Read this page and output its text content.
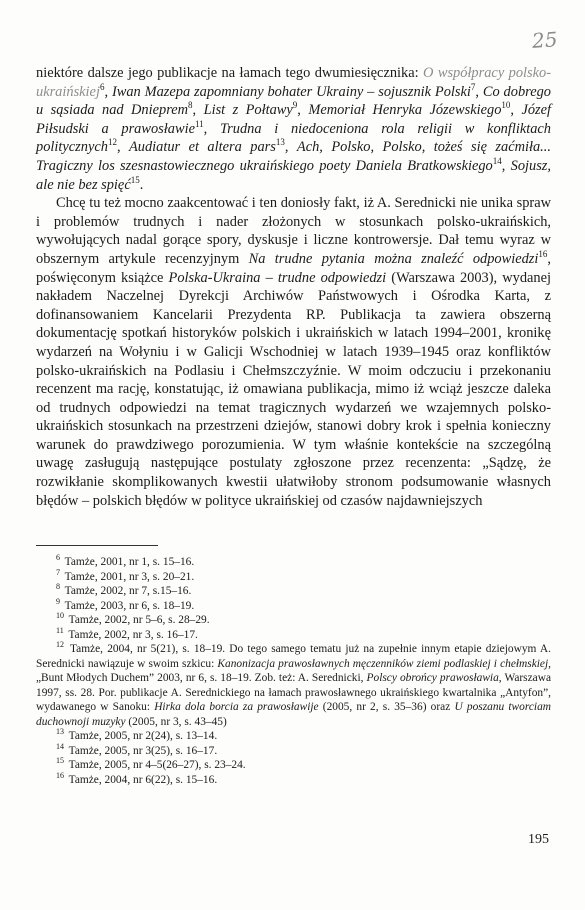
25

niektóre dalsze jego publikacje na łamach tego dwumiesięcznika: O współpracy polsko-ukraińskiej$^6$, Iwan Mazepa zapomniany bohater Ukrainy – sojusznik Polski$^7$, Co dobrego u sąsiada nad Dnieprem$^8$, List z Połtawy$^9$, Memoriał Henryka Józewskiego$^{10}$, Józef Piłsudski a prawosławie$^{11}$, Trudna i niedoceniona rola religii w konfliktach politycznych$^{12}$, Audiatur et altera pars$^{13}$, Ach, Polsko, Polsko, tożeś się zaćmiła... Tragiczny los szesnastowiecznego ukraińskiego poety Daniela Bratkowskiego$^{14}$, Sojusz, ale nie bez spięć$^{15}$.

Chcę tu też mocno zaakcentować i ten doniosły fakt, iż A. Serednicki nie unika spraw i problemów trudnych i nader złożonych w stosunkach polsko-ukraińskich, wywołujących nadal gorące spory, dyskusje i liczne kontrowersje. Dał temu wyraz w obszernym artykule recenzyjnym Na trudne pytania można znaleźć odpowiedzi$^{16}$, poświęconym książce Polska-Ukraina – trudne odpowiedzi (Warszawa 2003), wydanej nakładem Naczelnej Dyrekcji Archiwów Państwowych i Ośrodka Karta, z dofinansowaniem Kancelarii Prezydenta RP. Publikacja ta zawiera obszerną dokumentację spotkań historyków polskich i ukraińskich w latach 1994–2001, kronikę wydarzeń na Wołyniu i w Galicji Wschodniej w latach 1939–1945 oraz konfliktów polsko-ukraińskich na Podlasiu i Chełmszczyźnie. W moim odczuciu i przekonaniu recenzent ma rację, konstatując, iż omawiana publikacja, mimo iż wciąż jeszcze daleka od trudnych odpowiedzi na temat tragicznych wydarzeń we wzajemnych polsko-ukraińskich stosunkach na przestrzeni dziejów, stanowi dobry krok i spełnia konieczny warunek do prawdziwego porozumienia. W tym właśnie kontekście na szczególną uwagę zasługują następujące postulaty zgłoszone przez recenzenta: „Sądzę, że rozwikłanie skomplikowanych kwestii ułatwiłoby stronom podsumowanie własnych błędów – polskich błędów w polityce ukraińskiej od czasów najdawniejszych

$^6$ Tamże, 2001, nr 1, s. 15–16.

$^7$ Tamże, 2001, nr 3, s. 20–21.

$^8$ Tamże, 2002, nr 7, s.15–16.

$^9$ Tamże, 2003, nr 6, s. 18–19.

$^{10}$ Tamże, 2002, nr 5–6, s. 28–29.

$^{11}$ Tamże, 2002, nr 3, s. 16–17.

$^{12}$ Tamże, 2004, nr 5(21), s. 18–19. Do tego samego tematu już na zupełnie innym etapie dziejowym A. Serednicki nawiązuje w swoim szkicu: Kanonizacja prawosławnych męczenników ziemi podlaskiej i chełmskiej, „Bunt Młodych Duchem” 2003, nr 6, s. 18–19. Zob. też: A. Serednicki, Polscy obrońcy prawosławia, Warszawa 1997, ss. 28. Por. publikacje A. Serednickiego na łamach prawosławnego ukraińskiego kwartalnika „Antyfon”, wydawanego w Sanoku: Hirka dola borcia za prawosławije (2005, nr 2, s. 35–36) oraz U poszanu tworciam duchownoji muzyky (2005, nr 3, s. 43–45)

$^{13}$ Tamże, 2005, nr 2(24), s. 13–14.

$^{14}$ Tamże, 2005, nr 3(25), s. 16–17.

$^{15}$ Tamże, 2005, nr 4–5(26–27), s. 23–24.

$^{16}$ Tamże, 2004, nr 6(22), s. 15–16.

195
